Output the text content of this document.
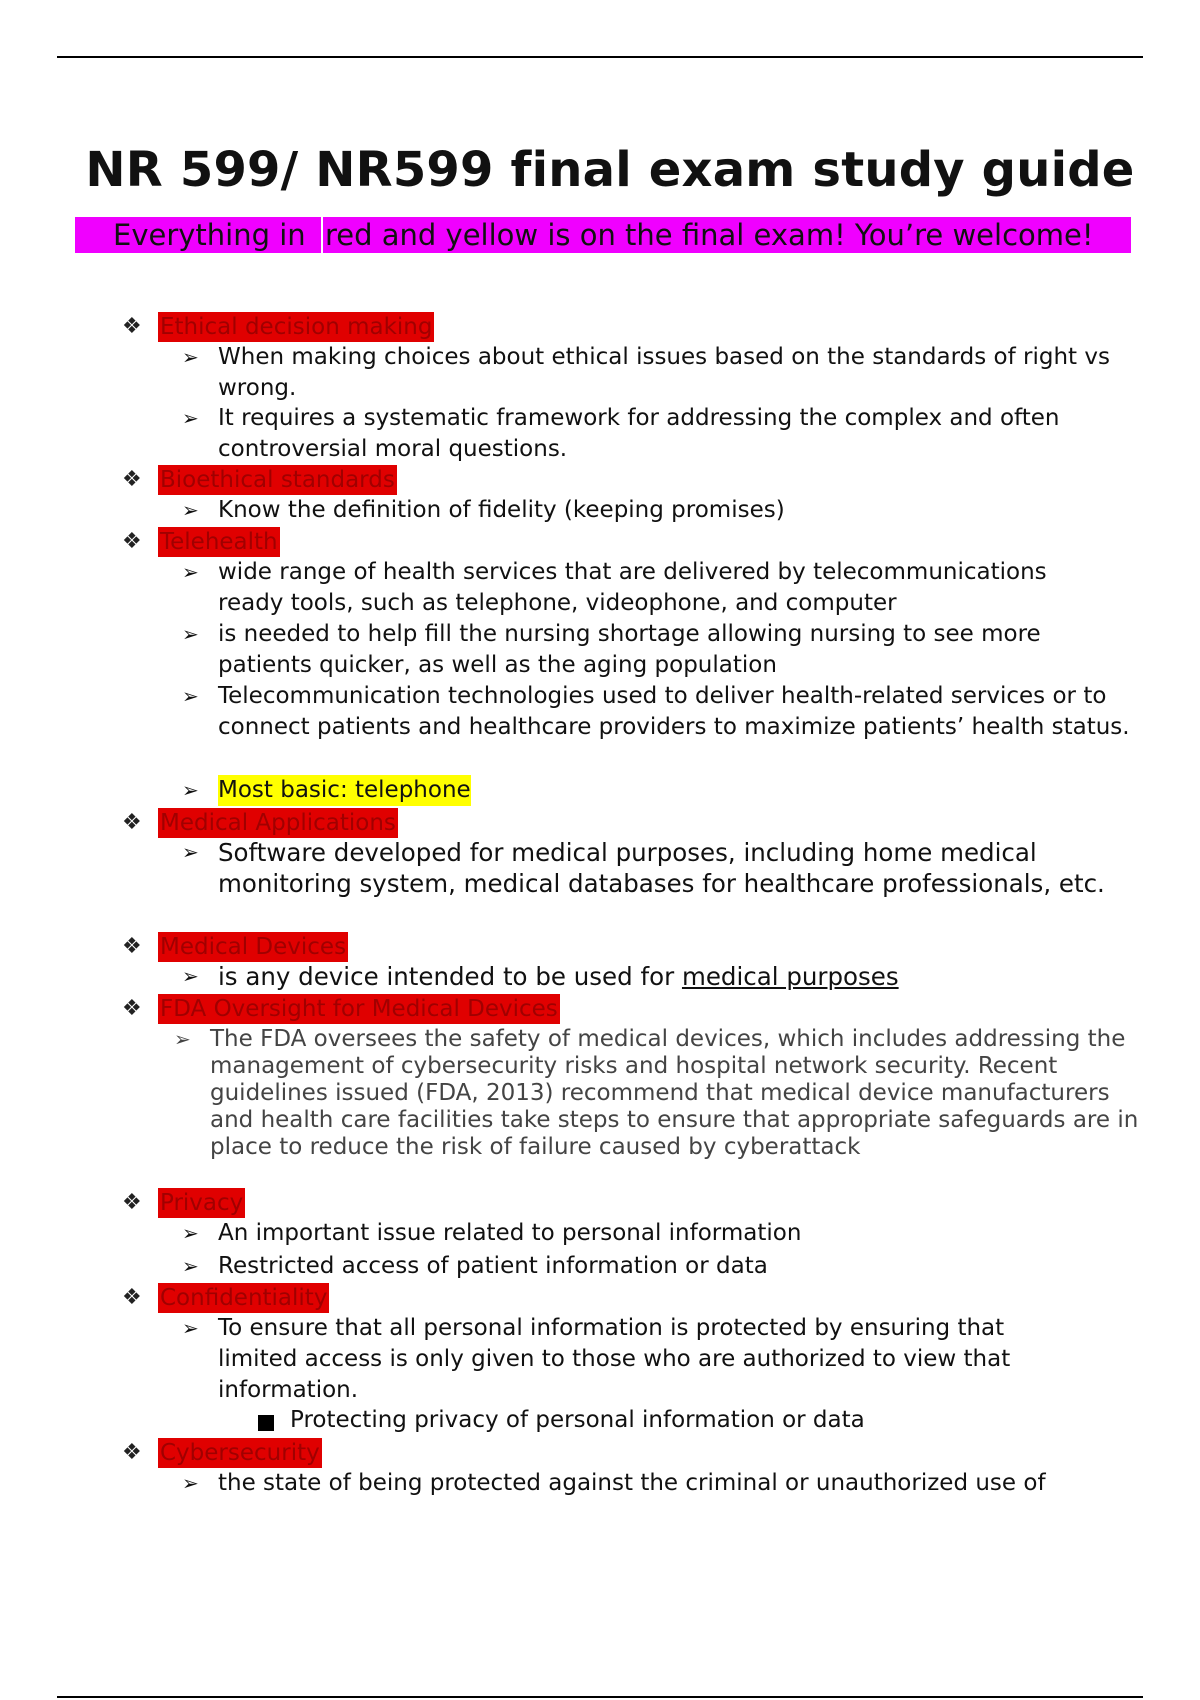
NR 599/ NR599 final exam study guide
Everything in red and yellow is on the final exam! You’re welcome!
❖ Ethical decision making
➢ When making choices about ethical issues based on the standards of right vs wrong.
➢ It requires a systematic framework for addressing the complex and often controversial moral questions.
❖ Bioethical standards
➢ Know the definition of fidelity (keeping promises)
❖ Telehealth
➢ wide range of health services that are delivered by telecommunications ready tools, such as telephone, videophone, and computer
➢ is needed to help fill the nursing shortage allowing nursing to see more patients quicker, as well as the aging population
➢ Telecommunication technologies used to deliver health-related services or to connect patients and healthcare providers to maximize patients’ health status.
➢ Most basic: telephone
❖ Medical Applications
➢ Software developed for medical purposes, including home medical monitoring system, medical databases for healthcare professionals, etc.
❖ Medical Devices
➢ is any device intended to be used for medical purposes
❖ FDA Oversight for Medical Devices
➢ The FDA oversees the safety of medical devices, which includes addressing the management of cybersecurity risks and hospital network security. Recent guidelines issued (FDA, 2013) recommend that medical device manufacturers and health care facilities take steps to ensure that appropriate safeguards are in place to reduce the risk of failure caused by cyberattack
❖ Privacy
➢ An important issue related to personal information
➢ Restricted access of patient information or data
❖ Confidentiality
➢ To ensure that all personal information is protected by ensuring that limited access is only given to those who are authorized to view that information.
Protecting privacy of personal information or data
❖ Cybersecurity
➢ the state of being protected against the criminal or unauthorized use of
